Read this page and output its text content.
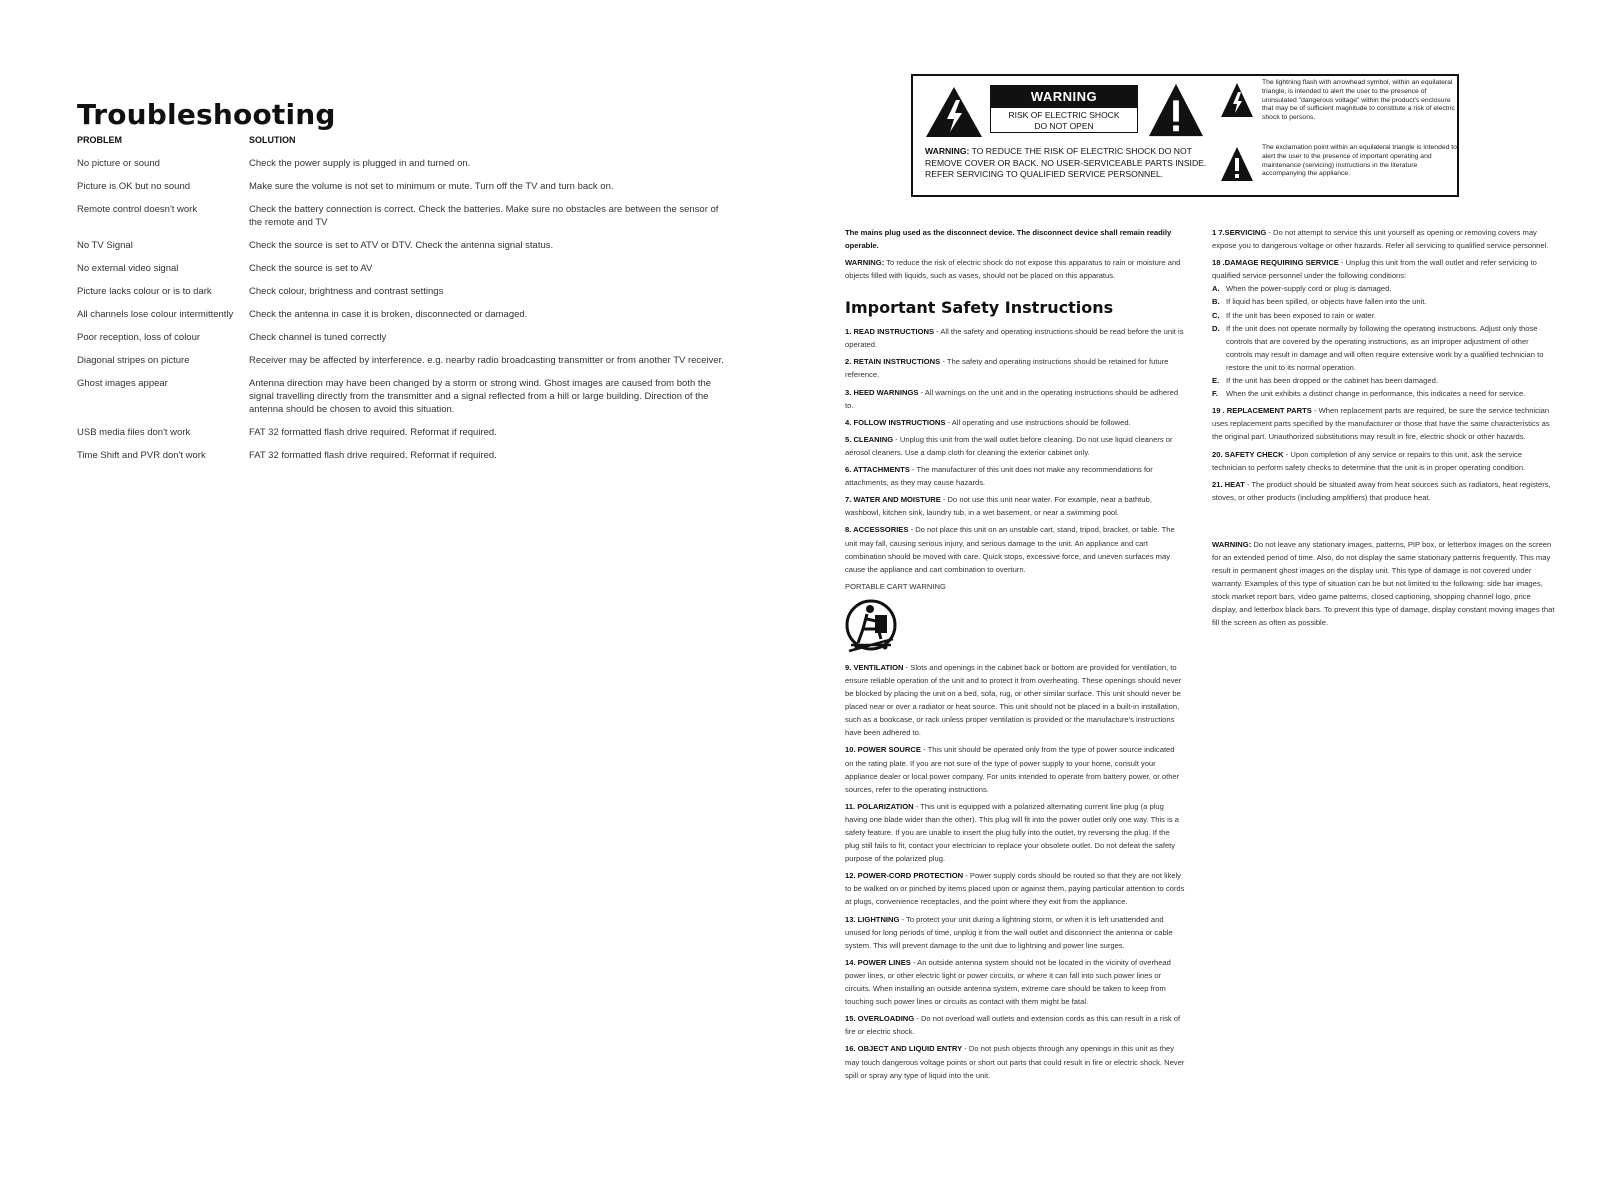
Troubleshooting
PROBLEM	SOLUTION
No picture or sound	Check the power supply is plugged in and turned on.
Picture is OK but no sound	Make sure the volume is not set to minimum or mute. Turn off the TV and turn back on.
Remote control doesn't work	Check the battery connection is correct. Check the batteries. Make sure no obstacles are between the sensor of the remote and TV
No TV Signal	Check the source is set to ATV or DTV. Check the antenna signal status.
No external video signal	Check the source is set to AV
Picture lacks colour or is to dark	Check colour, brightness and contrast settings
All channels lose colour intermittently	Check the antenna in case it is broken, disconnected or damaged.
Poor reception, loss of colour	Check channel is tuned correctly
Diagonal stripes on picture	Receiver may be affected by interference. e.g. nearby radio broadcasting transmitter or from another TV receiver.
Ghost images appear	Antenna direction may have been changed by a storm or strong wind. Ghost images are caused from both the signal travelling directly from the transmitter and a signal reflected from a hill or large building. Direction of the antenna should be chosen to avoid this situation.
USB media files don't work	FAT 32 formatted flash drive required. Reformat if required.
Time Shift and PVR don't work	FAT 32 formatted flash drive required. Reformat if required.
WARNING
RISK OF ELECTRIC SHOCK
DO NOT OPEN
WARNING: TO REDUCE THE RISK OF ELECTRIC SHOCK DO NOT REMOVE COVER OR BACK. NO USER-SERVICEABLE PARTS INSIDE. REFER SERVICING TO QUALIFIED SERVICE PERSONNEL.
The lightning flash with arrowhead symbol, within an equilateral triangle, is intended to alert the user to the presence of uninsulated "dangerous voltage" within the product's enclosure that may be of sufficient magnitude to constitute a risk of electric shock to persons.
The exclamation point within an equilateral triangle is intended to alert the user to the presence of important operating and maintenance (servicing) instructions in the literature accompanying the appliance.

The mains plug used as the disconnect device. The disconnect device shall remain readily operable.

WARNING: To reduce the risk of electric shock do not expose this apparatus to rain or moisture and objects filled with liquids, such as vases, should not be placed on this apparatus.

Important Safety Instructions

1. READ INSTRUCTIONS - All the safety and operating instructions should be read before the unit is operated.

2. RETAIN INSTRUCTIONS - The safety and operating instructions should be retained for future reference.

3. HEED WARNINGS - All warnings on the unit and in the operating instructions should be adhered to.

4. FOLLOW INSTRUCTIONS - All operating and use instructions should be followed.

5. CLEANING - Unplug this unit from the wall outlet before cleaning. Do not use liquid cleaners or aerosol cleaners. Use a damp cloth for cleaning the exterior cabinet only.

6. ATTACHMENTS - The manufacturer of this unit does not make any recommendations for attachments, as they may cause hazards.

7. WATER AND MOISTURE - Do not use this unit near water. For example, near a bathtub, washbowl, kitchen sink, laundry tub, in a wet basement, or near a swimming pool.

8. ACCESSORIES - Do not place this unit on an unstable cart, stand, tripod, bracket, or table. The unit may fall, causing serious injury, and serious damage to the unit. An appliance and cart combination should be moved with care. Quick stops, excessive force, and uneven surfaces may cause the appliance and cart combination to overturn.

PORTABLE CART WARNING

9. VENTILATION - Slots and openings in the cabinet back or bottom are provided for ventilation, to ensure reliable operation of the unit and to protect it from overheating. These openings should never be blocked by placing the unit on a bed, sofa, rug, or other similar surface. This unit should never be placed near or over a radiator or heat source. This unit should not be placed in a built-in installation, such as a bookcase, or rack unless proper ventilation is provided or the manufacture's instructions have been adhered to.

10. POWER SOURCE - This unit should be operated only from the type of power source indicated on the rating plate. If you are not sure of the type of power supply to your home, consult your appliance dealer or local power company. For units intended to operate from battery power, or other sources, refer to the operating instructions.

11. POLARIZATION - This unit is equipped with a polarized alternating current line plug (a plug having one blade wider than the other). This plug will fit into the power outlet only one way. This is a safety feature. If you are unable to insert the plug fully into the outlet, try reversing the plug. If the plug still fails to fit, contact your electrician to replace your obsolete outlet. Do not defeat the safety purpose of the polarized plug.

12. POWER-CORD PROTECTION - Power supply cords should be routed so that they are not likely to be walked on or pinched by items placed upon or against them, paying particular attention to cords at plugs, convenience receptacles, and the point where they exit from the appliance.

13. LIGHTNING - To protect your unit during a lightning storm, or when it is left unattended and unused for long periods of time, unplug it from the wall outlet and disconnect the antenna or cable system. This will prevent damage to the unit due to lightning and power line surges.

14. POWER LINES - An outside antenna system should not be located in the vicinity of overhead power lines, or other electric light or power circuits, or where it can fall into such power lines or circuits. When installing an outside antenna system, extreme care should be taken to keep from touching such power lines or circuits as contact with them might be fatal.

15. OVERLOADING - Do not overload wall outlets and extension cords as this can result in a risk of fire or electric shock.

16. OBJECT AND LIQUID ENTRY - Do not push objects through any openings in this unit as they may touch dangerous voltage points or short out parts that could result in fire or electric shock. Never spill or spray any type of liquid into the unit.

1 7.SERVICING - Do not attempt to service this unit yourself as opening or removing covers may expose you to dangerous voltage or other hazards. Refer all servicing to qualified service personnel.

18 .DAMAGE REQUIRING SERVICE - Unplug this unit from the wall outlet and refer servicing to qualified service personnel under the following conditions:

A. When the power-supply cord or plug is damaged.
B. If liquid has been spilled, or objects have fallen into the unit.
C. If the unit has been exposed to rain or water.
D. If the unit does not operate normally by following the operating instructions. Adjust only those controls that are covered by the operating instructions, as an improper adjustment of other controls may result in damage and will often require extensive work by a qualified technician to restore the unit to its normal operation.
E. If the unit has been dropped or the cabinet has been damaged.
F.	When the unit exhibits a distinct change in performance, this indicates a need for service.

19 . REPLACEMENT PARTS - When replacement parts are required, be sure the service technician uses replacement parts specified by the manufacturer or those that have the same characteristics as the original part. Unauthorized substitutions may result in fire, electric shock or other hazards.

20. SAFETY CHECK - Upon completion of any service or repairs to this unit, ask the service technician to perform safety checks to determine that the unit is in proper operating condition.

21. HEAT - The product should be situated away from heat sources such as radiators, heat registers, stoves, or other products (including amplifiers) that produce heat.

WARNING: Do not leave any stationary images, patterns, PIP box, or letterbox images on the screen for an extended period of time. Also, do not display the same stationary patterns frequently. This may result in permanent ghost images on the display unit. This type of damage is not covered under warranty. Examples of this type of situation can be but not limited to the following: side bar images, stock market report bars, video game patterns, closed captioning, shopping channel logo, price display, and letterbox black bars. To prevent this type of damage, display constant moving images that fill the screen as often as possible.
